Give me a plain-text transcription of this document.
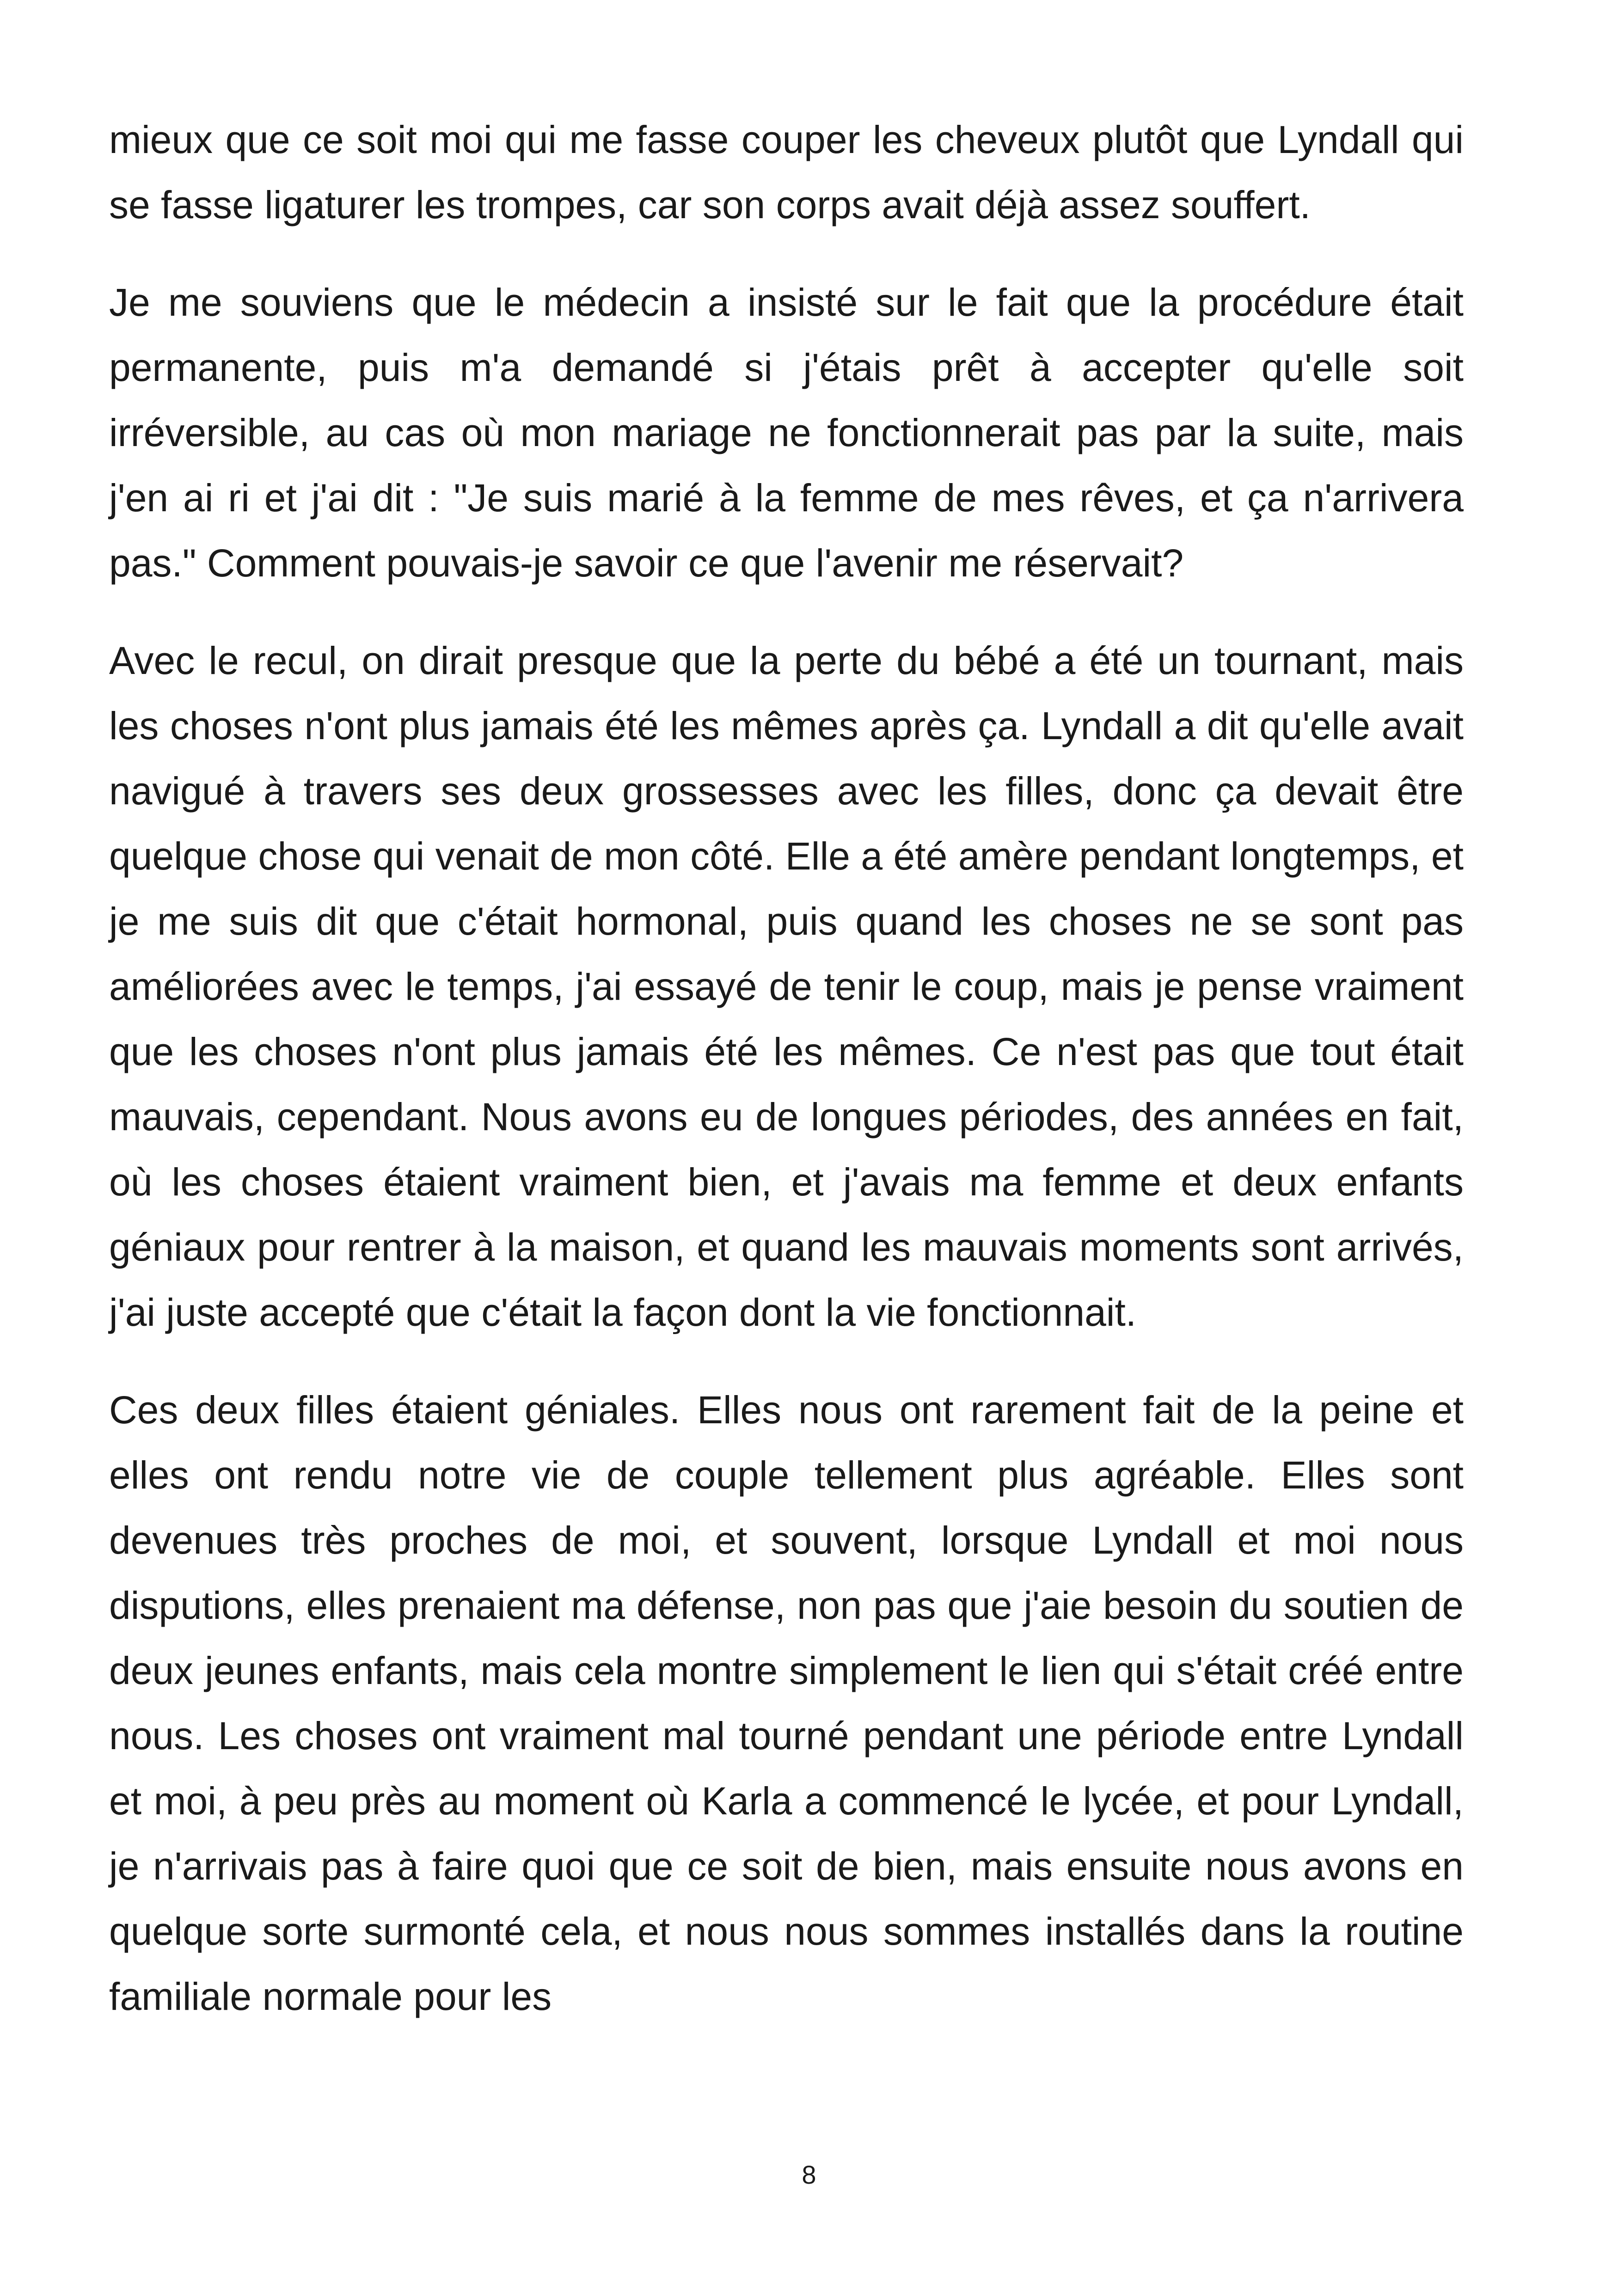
mieux que ce soit moi qui me fasse couper les cheveux plutôt que Lyndall qui se fasse ligaturer les trompes, car son corps avait déjà assez souffert.

Je me souviens que le médecin a insisté sur le fait que la procédure était permanente, puis m'a demandé si j'étais prêt à accepter qu'elle soit irréversible, au cas où mon mariage ne fonctionnerait pas par la suite, mais j'en ai ri et j'ai dit : "Je suis marié à la femme de mes rêves, et ça n'arrivera pas." Comment pouvais-je savoir ce que l'avenir me réservait?

Avec le recul, on dirait presque que la perte du bébé a été un tournant, mais les choses n'ont plus jamais été les mêmes après ça. Lyndall a dit qu'elle avait navigué à travers ses deux grossesses avec les filles, donc ça devait être quelque chose qui venait de mon côté. Elle a été amère pendant longtemps, et je me suis dit que c'était hormonal, puis quand les choses ne se sont pas améliorées avec le temps, j'ai essayé de tenir le coup, mais je pense vraiment que les choses n'ont plus jamais été les mêmes. Ce n'est pas que tout était mauvais, cependant. Nous avons eu de longues périodes, des années en fait, où les choses étaient vraiment bien, et j'avais ma femme et deux enfants géniaux pour rentrer à la maison, et quand les mauvais moments sont arrivés, j'ai juste accepté que c'était la façon dont la vie fonctionnait.

Ces deux filles étaient géniales. Elles nous ont rarement fait de la peine et elles ont rendu notre vie de couple tellement plus agréable. Elles sont devenues très proches de moi, et souvent, lorsque Lyndall et moi nous disputions, elles prenaient ma défense, non pas que j'aie besoin du soutien de deux jeunes enfants, mais cela montre simplement le lien qui s'était créé entre nous. Les choses ont vraiment mal tourné pendant une période entre Lyndall et moi, à peu près au moment où Karla a commencé le lycée, et pour Lyndall, je n'arrivais pas à faire quoi que ce soit de bien, mais ensuite nous avons en quelque sorte surmonté cela, et nous nous sommes installés dans la routine familiale normale pour les

8
